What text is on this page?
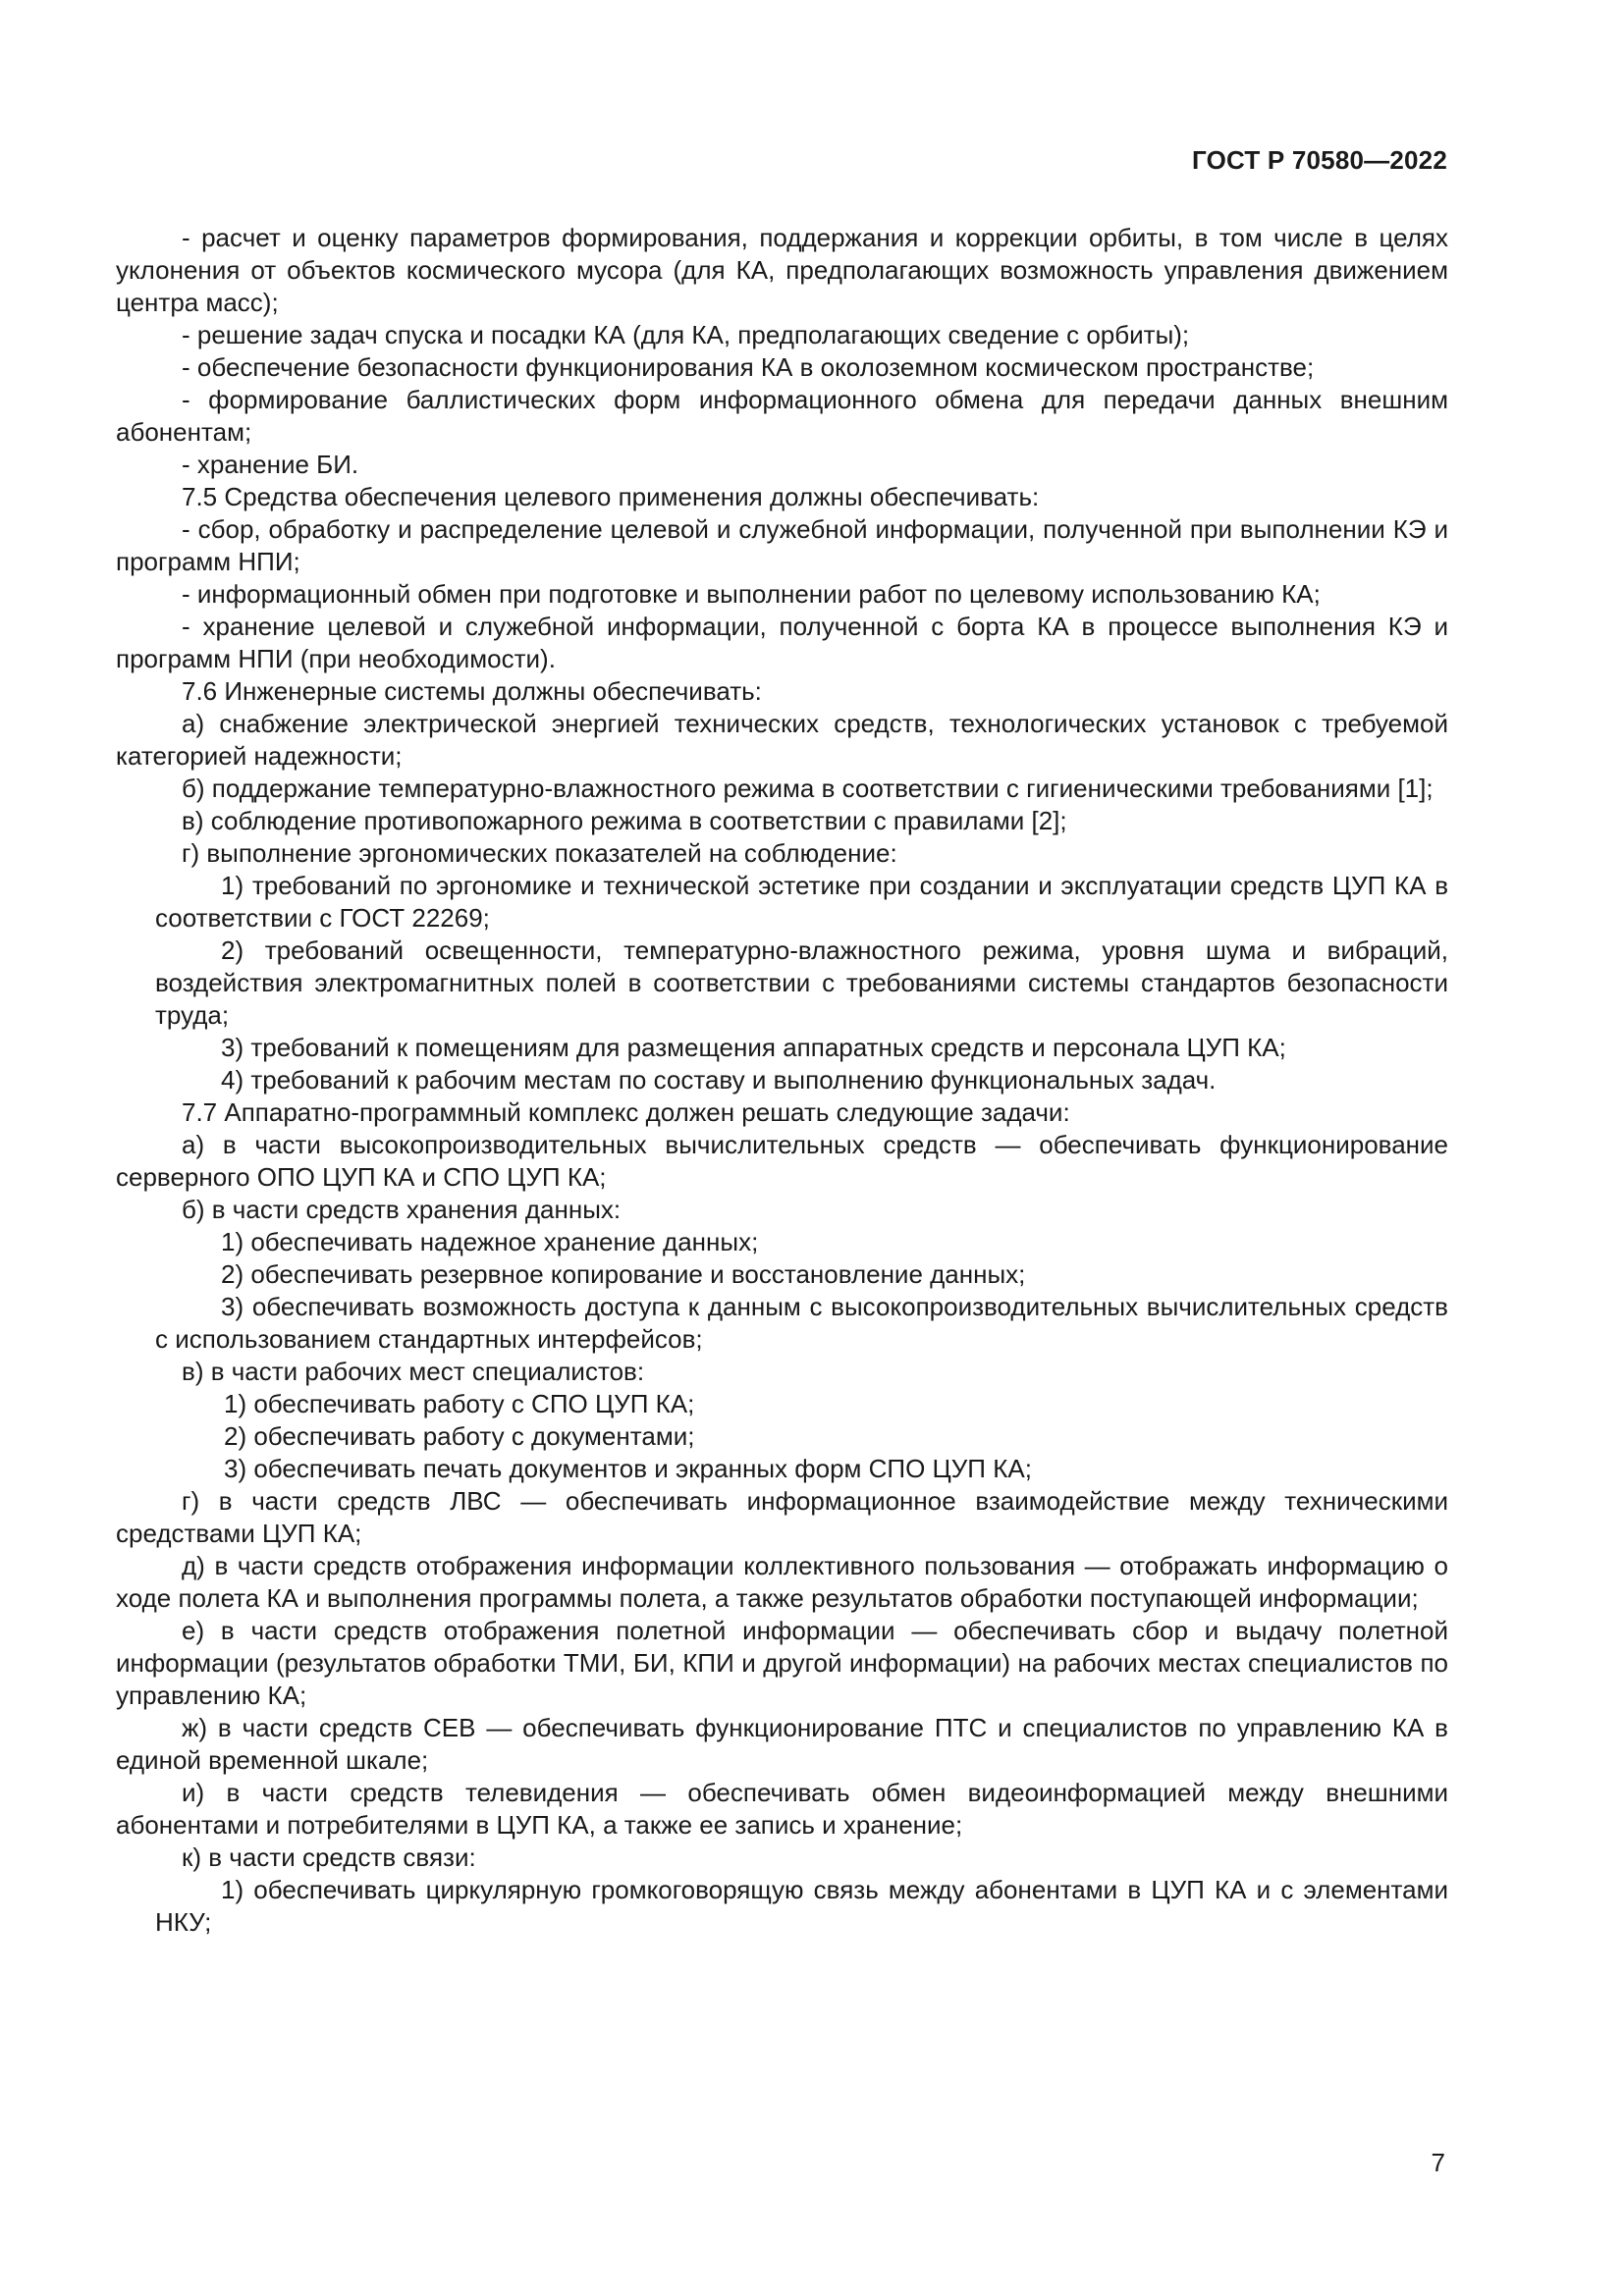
ГОСТ Р 70580—2022

- расчет и оценку параметров формирования, поддержания и коррекции орбиты, в том числе в целях уклонения от объектов космического мусора (для КА, предполагающих возможность управления движением центра масс);

- решение задач спуска и посадки КА (для КА, предполагающих сведение с орбиты);

- обеспечение безопасности функционирования КА в околоземном космическом пространстве;

- формирование баллистических форм информационного обмена для передачи данных внешним абонентам;

- хранение БИ.

7.5 Средства обеспечения целевого применения должны обеспечивать:

- сбор, обработку и распределение целевой и служебной информации, полученной при выполнении КЭ и программ НПИ;

- информационный обмен при подготовке и выполнении работ по целевому использованию КА;

- хранение целевой и служебной информации, полученной с борта КА в процессе выполнения КЭ и программ НПИ (при необходимости).

7.6 Инженерные системы должны обеспечивать:

а) снабжение электрической энергией технических средств, технологических установок с требуемой категорией надежности;

б) поддержание температурно-влажностного режима в соответствии с гигиеническими требованиями [1];

в) соблюдение противопожарного режима в соответствии с правилами [2];

г) выполнение эргономических показателей на соблюдение:

1) требований по эргономике и технической эстетике при создании и эксплуатации средств ЦУП КА в соответствии с ГОСТ 22269;

2) требований освещенности, температурно-влажностного режима, уровня шума и вибраций, воздействия электромагнитных полей в соответствии с требованиями системы стандартов безопасности труда;

3) требований к помещениям для размещения аппаратных средств и персонала ЦУП КА;

4) требований к рабочим местам по составу и выполнению функциональных задач.

7.7 Аппаратно-программный комплекс должен решать следующие задачи:

а) в части высокопроизводительных вычислительных средств — обеспечивать функционирование серверного ОПО ЦУП КА и СПО ЦУП КА;

б) в части средств хранения данных:

1) обеспечивать надежное хранение данных;

2) обеспечивать резервное копирование и восстановление данных;

3) обеспечивать возможность доступа к данным с высокопроизводительных вычислительных средств с использованием стандартных интерфейсов;

в) в части рабочих мест специалистов:

1) обеспечивать работу с СПО ЦУП КА;

2) обеспечивать работу с документами;

3) обеспечивать печать документов и экранных форм СПО ЦУП КА;

г) в части средств ЛВС — обеспечивать информационное взаимодействие между техническими средствами ЦУП КА;

д) в части средств отображения информации коллективного пользования — отображать информацию о ходе полета КА и выполнения программы полета, а также результатов обработки поступающей информации;

е) в части средств отображения полетной информации — обеспечивать сбор и выдачу полетной информации (результатов обработки ТМИ, БИ, КПИ и другой информации) на рабочих местах специалистов по управлению КА;

ж) в части средств СЕВ — обеспечивать функционирование ПТС и специалистов по управлению КА в единой временной шкале;

и) в части средств телевидения — обеспечивать обмен видеоинформацией между внешними абонентами и потребителями в ЦУП КА, а также ее запись и хранение;

к) в части средств связи:

1) обеспечивать циркулярную громкоговорящую связь между абонентами в ЦУП КА и с элементами НКУ;

7
